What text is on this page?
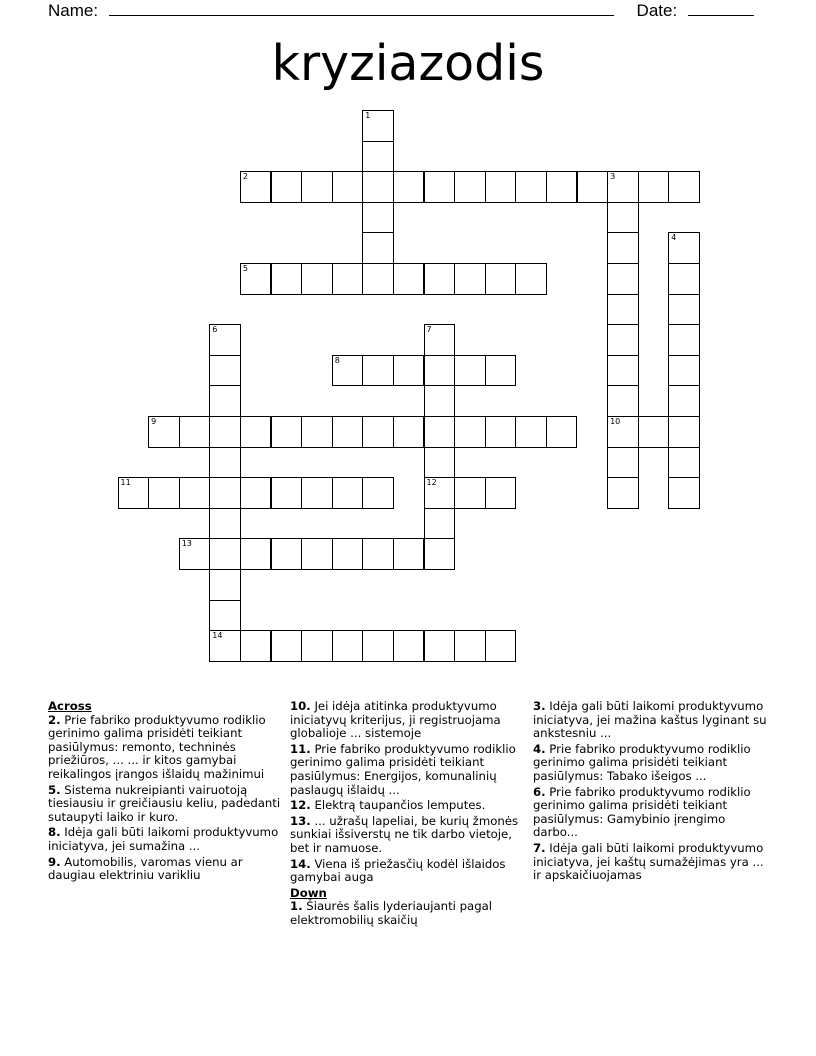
Name:	Date:
kryziazodis
1
2	3
10
4
5
6
14
7
12
8
9
11
13
Across
2. Prie fabriko produktyvumo rodiklio gerinimo galima prisidėti teikiant pasiūlymus: remonto, techninės priežiūros, ... ... ir kitos gamybai reikalingos įrangos išlaidų mažinimui
5. Sistema nukreipianti vairuotoją tiesiausiu ir greičiausiu keliu, padedanti sutaupyti laiko ir kuro.
8. Idėja gali būti laikomi produktyvumo iniciatyva, jei sumažina ...
9. Automobilis, varomas vienu ar daugiau elektriniu varikliu
10. Jei idėja atitinka produktyvumo iniciatyvų kriterijus, ji registruojama globalioje ... sistemoje
11. Prie fabriko produktyvumo rodiklio gerinimo galima prisidėti teikiant pasiūlymus: Energijos, komunalinių paslaugų išlaidų ...
12. Elektrą taupančios lemputes.
13. ... užrašų lapeliai, be kurių žmonės sunkiai išsiverstų ne tik darbo vietoje, bet ir namuose.
14. Viena iš priežasčių kodėl išlaidos gamybai auga
Down
1. Šiaurės šalis lyderiaujanti pagal elektromobilių skaičių
3. Idėja gali būti laikomi produktyvumo iniciatyva, jei mažina kaštus lyginant su ankstesniu ...
4. Prie fabriko produktyvumo rodiklio gerinimo galima prisidėti teikiant pasiūlymus: Tabako išeigos ...
6. Prie fabriko produktyvumo rodiklio gerinimo galima prisidėti teikiant pasiūlymus: Gamybinio įrengimo darbo...
7. Idėja gali būti laikomi produktyvumo iniciatyva, jei kaštų sumažėjimas yra ... ir apskaičiuojamas
